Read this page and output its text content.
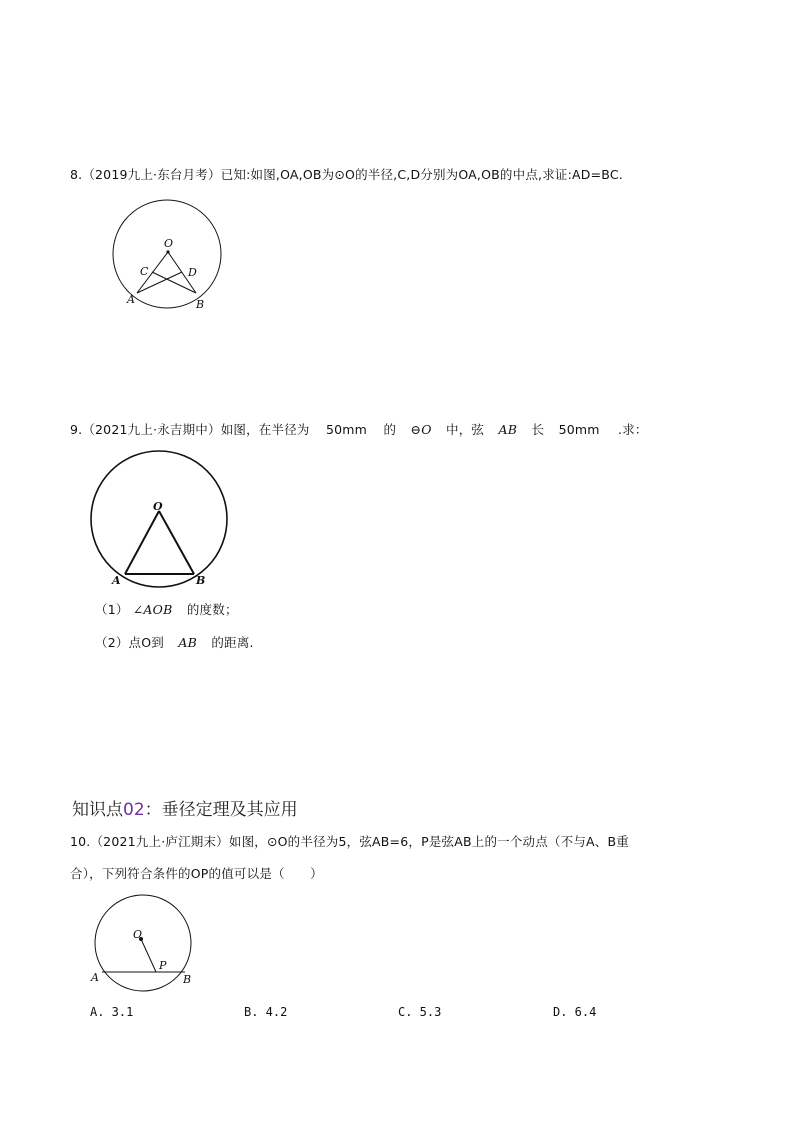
8.（2019九上·东台月考）已知:如图,OA,OB为⊙O的半径,C,D分别为OA,OB的中点,求证:AD=BC.
O
C	D
A	B
9.（2021九上·永吉期中）如图，在半径为 50mm 的 ⊖O 中，弦 AB 长 50mm .求：
O
A	B
（1） ∠AOB 的度数；
（2）点O到 AB 的距离.
知识点02：垂径定理及其应用
10.（2021九上·庐江期末）如图，⊙O的半径为5，弦AB=6，P是弦AB上的一个动点（不与A、B重
合），下列符合条件的OP的值可以是（　　）
O
P
A	B
A. 3.1	B. 4.2	C. 5.3	D. 6.4
